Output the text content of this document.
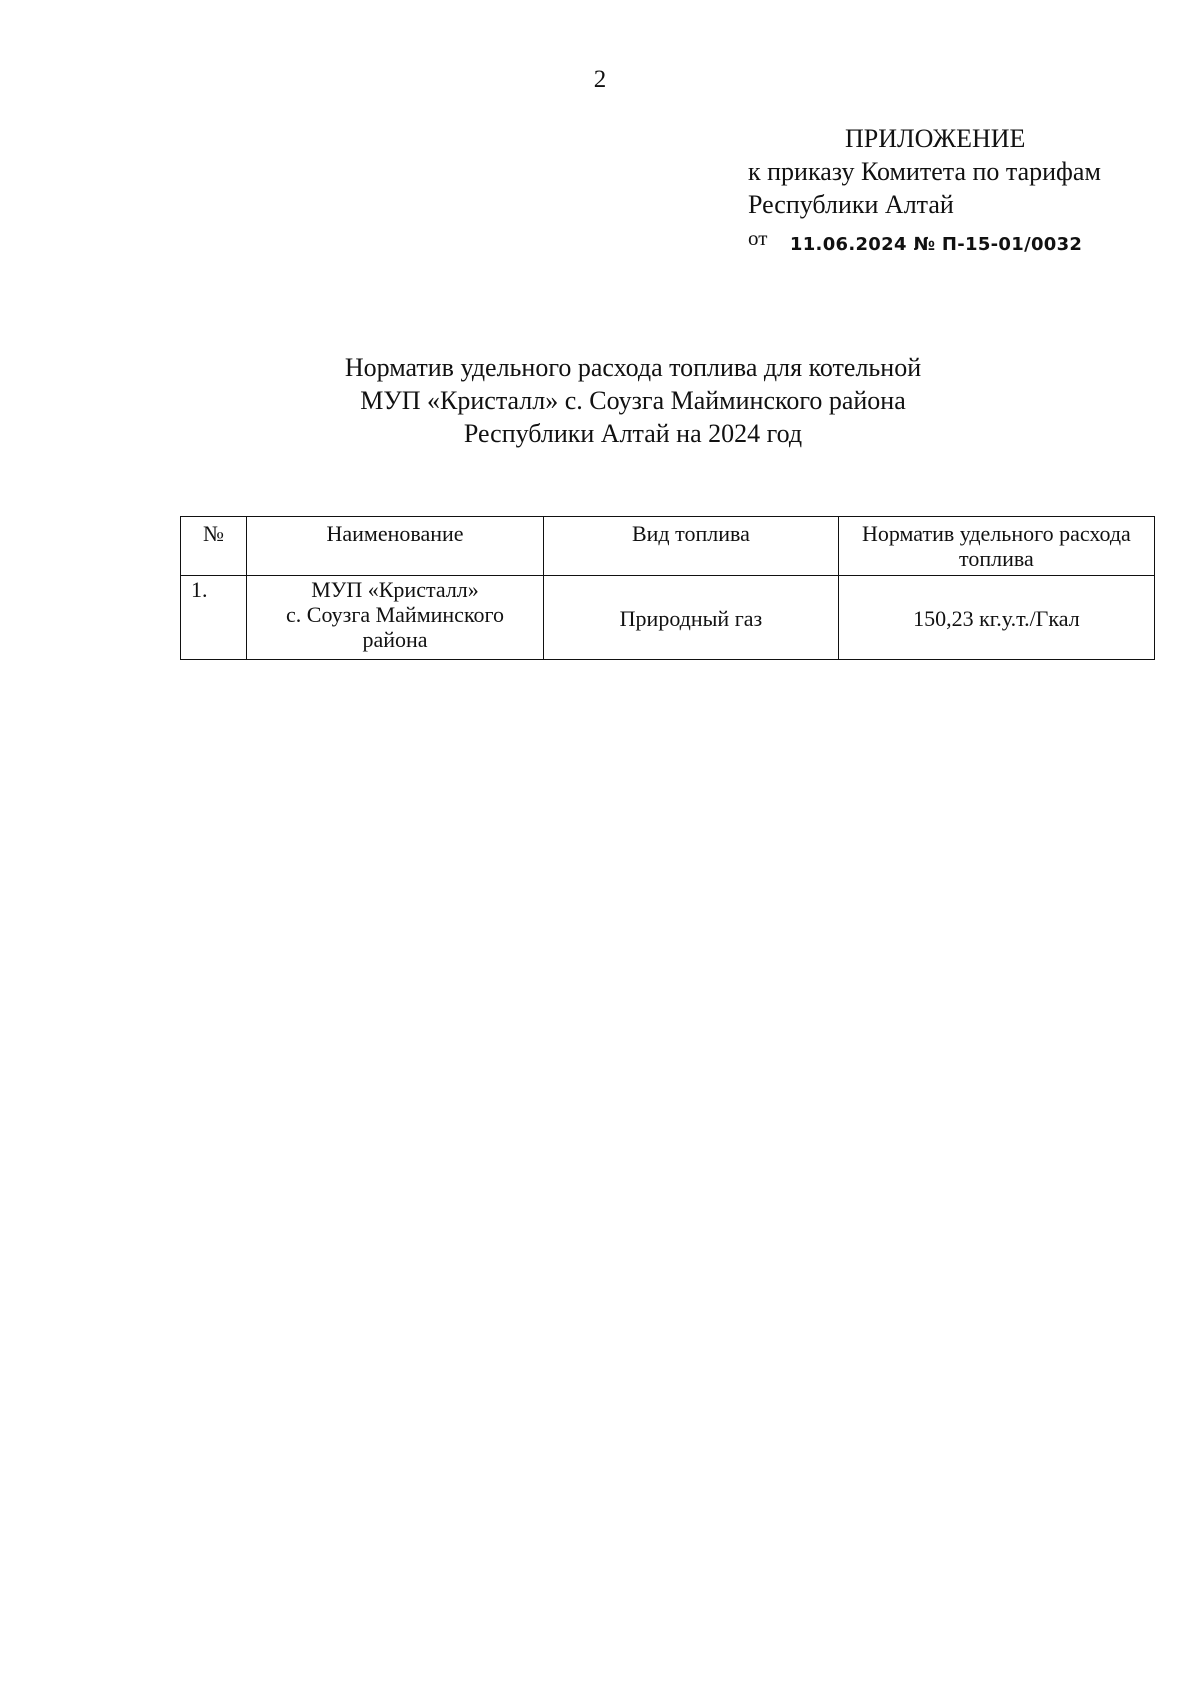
2
ПРИЛОЖЕНИЕ
к приказу Комитета по тарифам
Республики Алтай
$^{от}$ 11.06.2024 № П-15-01/0032
Норматив удельного расхода топлива для котельной
МУП «Кристалл» с. Соузга Майминского района
Республики Алтай на 2024 год
№	Наименование	Вид топлива	Норматив удельного расхода топлива
1.	МУП «Кристалл»
с. Соузга Майминского
района	Природный газ	150,23 кг.у.т./Гкал
